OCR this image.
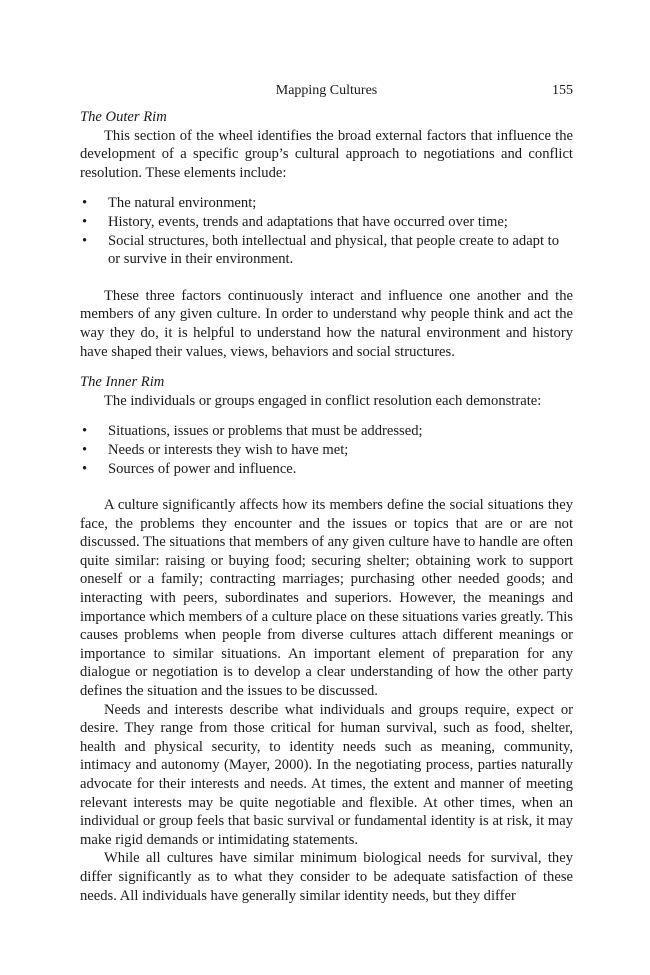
Mapping Cultures	155

The Outer Rim

This section of the wheel identifies the broad external factors that influence the development of a specific group’s cultural approach to negotiations and conflict resolution. These elements include:

• The natural environment;
• History, events, trends and adaptations that have occurred over time;
• Social structures, both intellectual and physical, that people create to adapt to or survive in their environment.

These three factors continuously interact and influence one another and the members of any given culture. In order to understand why people think and act the way they do, it is helpful to understand how the natural environment and history have shaped their values, views, behaviors and social structures.

The Inner Rim

The individuals or groups engaged in conflict resolution each demonstrate:

• Situations, issues or problems that must be addressed;
• Needs or interests they wish to have met;
• Sources of power and influence.

A culture significantly affects how its members define the social situations they face, the problems they encounter and the issues or topics that are or are not discussed. The situations that members of any given culture have to handle are often quite similar: raising or buying food; securing shelter; obtaining work to support oneself or a family; contracting marriages; purchasing other needed goods; and interacting with peers, subordinates and superiors. However, the meanings and importance which members of a culture place on these situations varies greatly. This causes problems when people from diverse cultures attach different meanings or importance to similar situations. An important element of preparation for any dialogue or negotiation is to develop a clear understanding of how the other party defines the situation and the issues to be discussed.

Needs and interests describe what individuals and groups require, expect or desire. They range from those critical for human survival, such as food, shelter, health and physical security, to identity needs such as meaning, community, intimacy and autonomy (Mayer, 2000). In the negotiating process, parties naturally advocate for their interests and needs. At times, the extent and manner of meeting relevant interests may be quite negotiable and flexible. At other times, when an individual or group feels that basic survival or fundamental identity is at risk, it may make rigid demands or intimidating statements.

While all cultures have similar minimum biological needs for survival, they differ significantly as to what they consider to be adequate satisfaction of these needs. All individuals have generally similar identity needs, but they differ
